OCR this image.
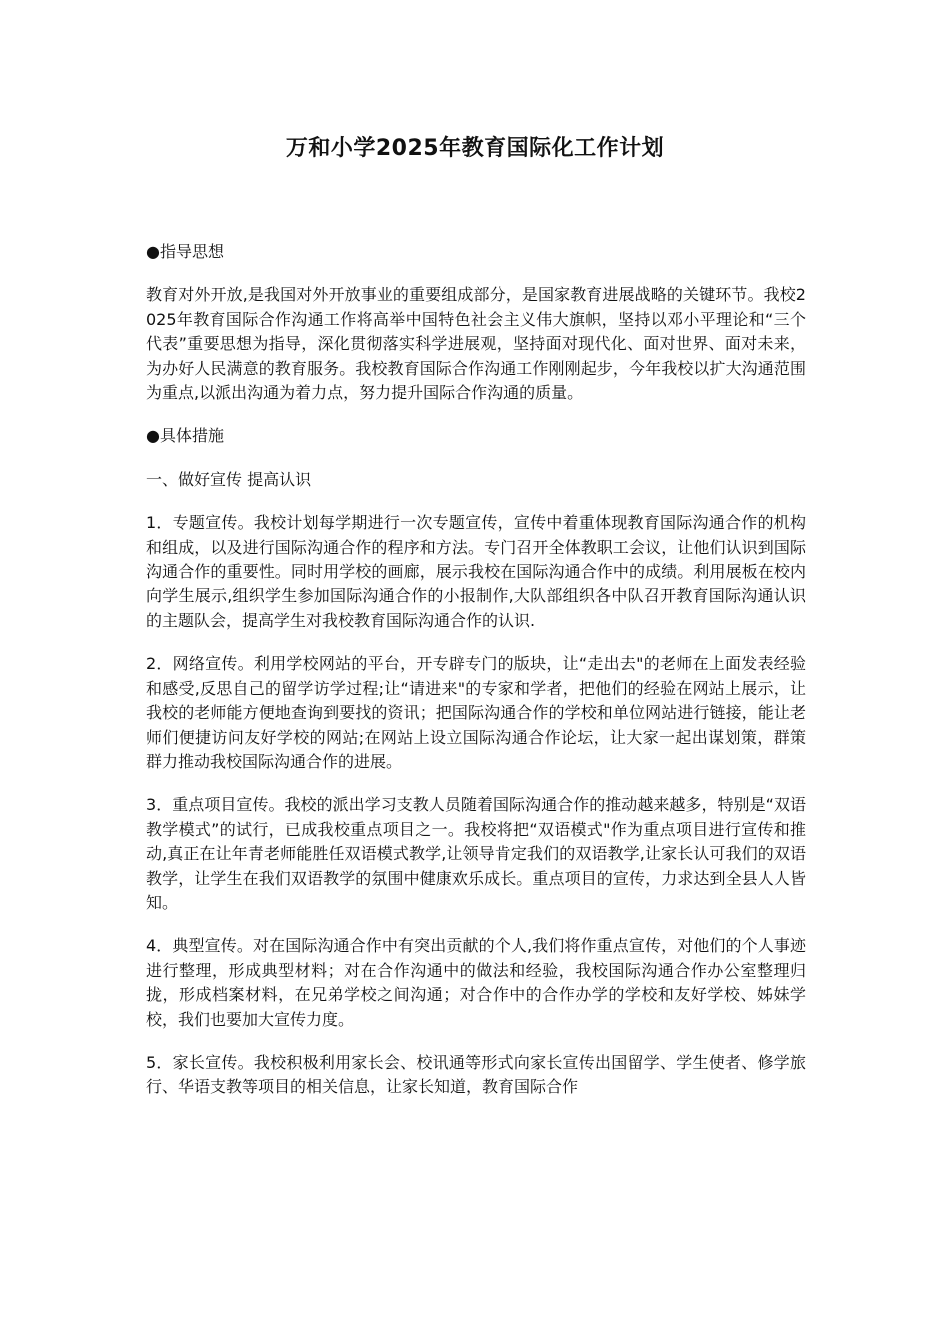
万和小学2025年教育国际化工作计划

●指导思想

教育对外开放,是我国对外开放事业的重要组成部分，是国家教育进展战略的关键环节。我校2025年教育国际合作沟通工作将高举中国特色社会主义伟大旗帜，坚持以邓小平理论和“三个代表”重要思想为指导，深化贯彻落实科学进展观，坚持面对现代化、面对世界、面对未来，为办好人民满意的教育服务。我校教育国际合作沟通工作刚刚起步，今年我校以扩大沟通范围为重点,以派出沟通为着力点，努力提升国际合作沟通的质量。

●具体措施

一、做好宣传 提高认识

1．专题宣传。我校计划每学期进行一次专题宣传，宣传中着重体现教育国际沟通合作的机构和组成，以及进行国际沟通合作的程序和方法。专门召开全体教职工会议，让他们认识到国际沟通合作的重要性。同时用学校的画廊，展示我校在国际沟通合作中的成绩。利用展板在校内向学生展示,组织学生参加国际沟通合作的小报制作,大队部组织各中队召开教育国际沟通认识的主题队会，提高学生对我校教育国际沟通合作的认识.

2．网络宣传。利用学校网站的平台，开专辟专门的版块，让“走出去"的老师在上面发表经验和感受,反思自己的留学访学过程;让“请进来"的专家和学者，把他们的经验在网站上展示，让我校的老师能方便地查询到要找的资讯；把国际沟通合作的学校和单位网站进行链接，能让老师们便捷访问友好学校的网站;在网站上设立国际沟通合作论坛，让大家一起出谋划策，群策群力推动我校国际沟通合作的进展。

3．重点项目宣传。我校的派出学习支教人员随着国际沟通合作的推动越来越多，特别是“双语教学模式”的试行，已成我校重点项目之一。我校将把“双语模式"作为重点项目进行宣传和推动,真正在让年青老师能胜任双语模式教学,让领导肯定我们的双语教学,让家长认可我们的双语教学，让学生在我们双语教学的氛围中健康欢乐成长。重点项目的宣传，力求达到全县人人皆知。

4．典型宣传。对在国际沟通合作中有突出贡献的个人,我们将作重点宣传，对他们的个人事迹进行整理，形成典型材料；对在合作沟通中的做法和经验，我校国际沟通合作办公室整理归拢，形成档案材料，在兄弟学校之间沟通；对合作中的合作办学的学校和友好学校、姊妹学校，我们也要加大宣传力度。

5．家长宣传。我校积极利用家长会、校讯通等形式向家长宣传出国留学、学生使者、修学旅行、华语支教等项目的相关信息，让家长知道，教育国际合作
